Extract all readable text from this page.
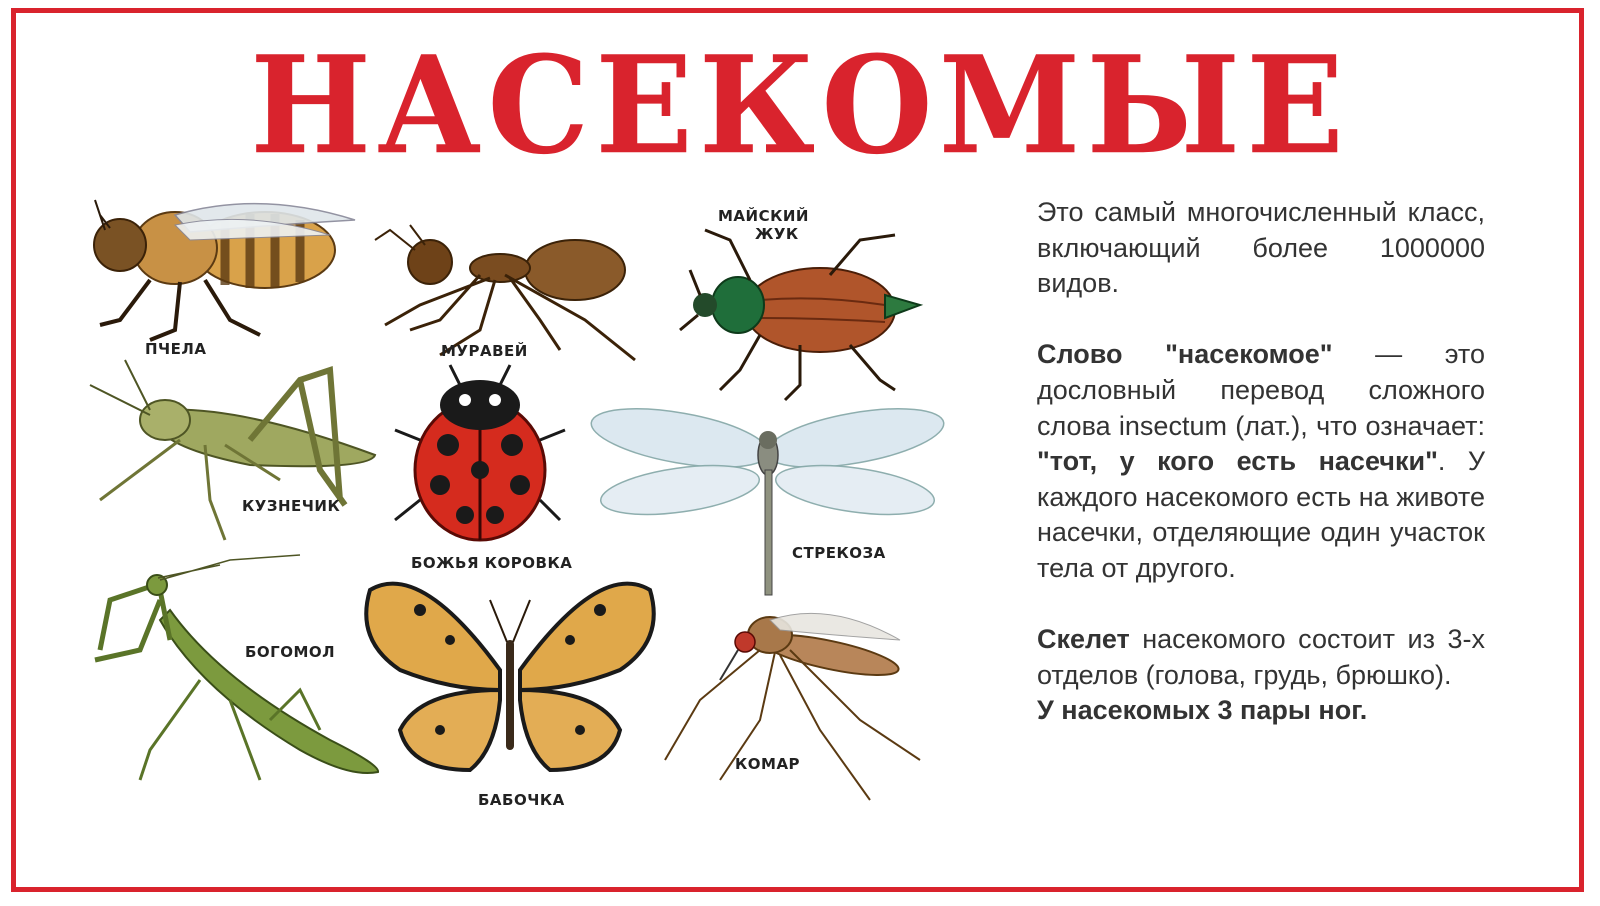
НАСЕКОМЫЕ
ПЧЕЛА	МУРАВЕЙ
МАЙСКИЙ
ЖУК
КУЗНЕЧИК
БОЖЬЯ КОРОВКА
СТРЕКОЗА
БОГОМОЛ
БАБОЧКА
КОМАР

Это самый многочисленный класс, включающий более 1000000 видов.

Слово "насекомое" — это дословный перевод сложного слова insectum (лат.), что означает: "тот, у кого есть насечки". У каждого насекомого есть на животе насечки, отделяющие один участок тела от другого.

Скелет насекомого состоит из 3-х отделов (голова, грудь, брюшко).
У насекомых 3 пары ног.
